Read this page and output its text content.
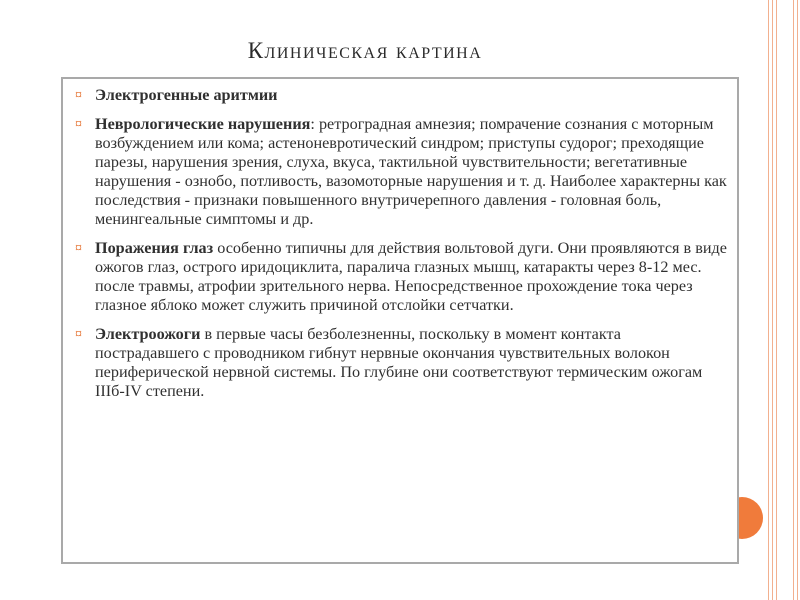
Клиническая картина
¤ Электрогенные аритмии
¤ Неврологические нарушения: ретроградная амнезия; помрачение сознания с моторным возбуждением или кома; астеноневротический синдром; приступы судорог; преходящие парезы, нарушения зрения, слуха, вкуса, тактильной чувствительности; вегетативные нарушения - ознобо, потливость, вазомоторные нарушения и т. д. Наиболее характерны как последствия - признаки повышенного внутричерепного давления - головная боль, менингеальные симптомы и др.
¤ Поражения глаз особенно типичны для действия вольтовой дуги. Они проявляются в виде ожогов глаз, острого иридоциклита, паралича глазных мышц, катаракты через 8-12 мес. после травмы, атрофии зрительного нерва. Непосредственное прохождение тока через глазное яблоко может служить причиной отслойки сетчатки.
¤ Электроожоги в первые часы безболезненны, поскольку в момент контакта пострадавшего с проводником гибнут нервные окончания чувствительных волокон периферической нервной системы. По глубине они соответствуют термическим ожогам IIIб-IV степени.
